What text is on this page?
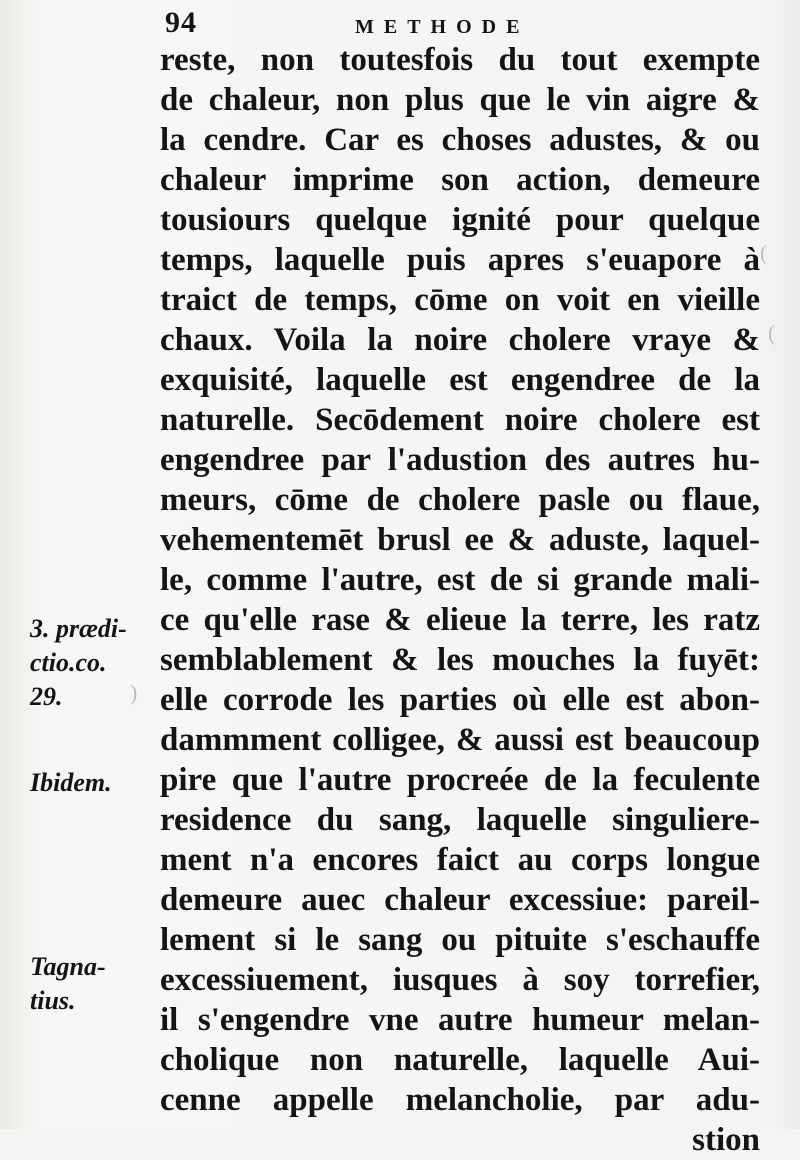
(
(
)
94	METHODE
reste, non toutesfois du tout exempte
de chaleur, non plus que le vin aigre &
la cendre. Car es choses adustes, & ou
chaleur imprime son action, demeure
tousiours quelque ignité pour quelque
temps, laquelle puis apres s'euapore à
traict de temps, cōme on voit en vieille
chaux. Voila la noire cholere vraye &
exquisité, laquelle est engendree de la
naturelle. Secōdement noire cholere est
engendree par l'adustion des autres hu-
meurs, cōme de cholere pasle ou flaue,
vehementemēt brusl ee & aduste, laquel-
le, comme l'autre, est de si grande mali-
ce qu'elle rase & elieue la terre, les ratz
semblablement & les mouches la fuyēt:
elle corrode les parties où elle est abon-
dammment colligee, & aussi est beaucoup
pire que l'autre procreée de la feculente
residence du sang, laquelle singuliere-
ment n'a encores faict au corps longue
demeure auec chaleur excessiue: pareil-
lement si le sang ou pituite s'eschauffe
excessiuement, iusques à soy torrefier,
il s'engendre vne autre humeur melan-
cholique non naturelle, laquelle Aui-
cenne appelle melancholie, par adu-
stion
3. prædi-
ctio.co.
29.
Ibidem.
Tagna-
tius.
